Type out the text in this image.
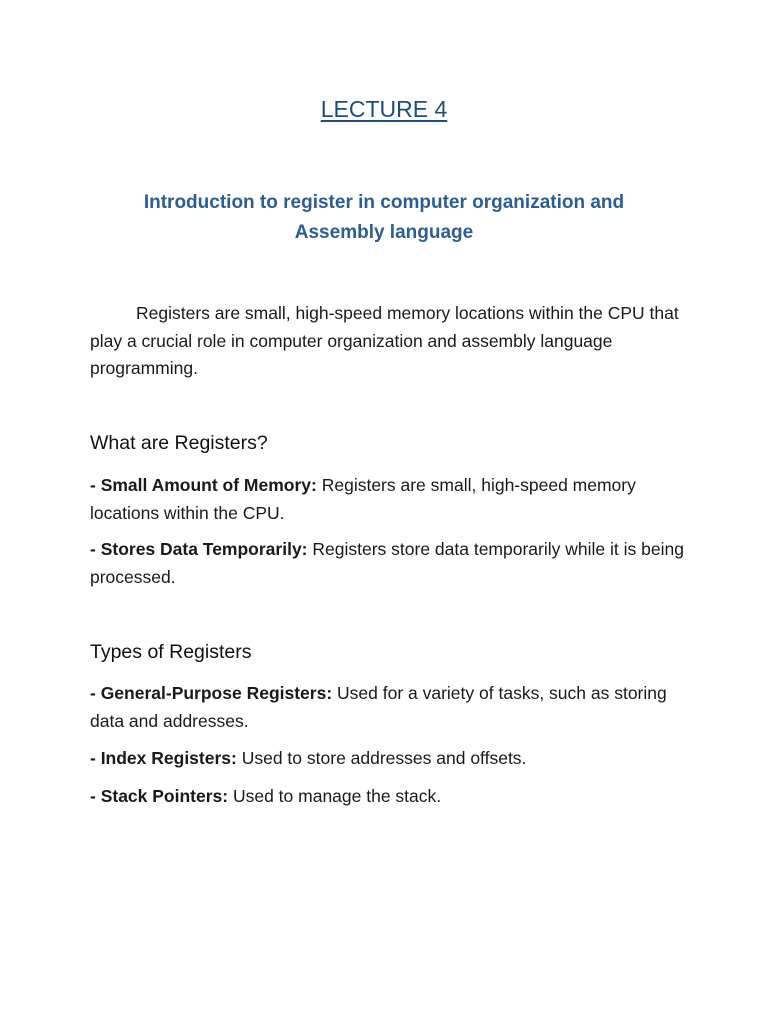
LECTURE 4
Introduction to register in computer organization and Assembly language

Registers are small, high-speed memory locations within the CPU that play a crucial role in computer organization and assembly language programming.

What are Registers?

- Small Amount of Memory: Registers are small, high-speed memory locations within the CPU.

- Stores Data Temporarily: Registers store data temporarily while it is being processed.

Types of Registers

- General-Purpose Registers: Used for a variety of tasks, such as storing data and addresses.

- Index Registers: Used to store addresses and offsets.

- Stack Pointers: Used to manage the stack.
